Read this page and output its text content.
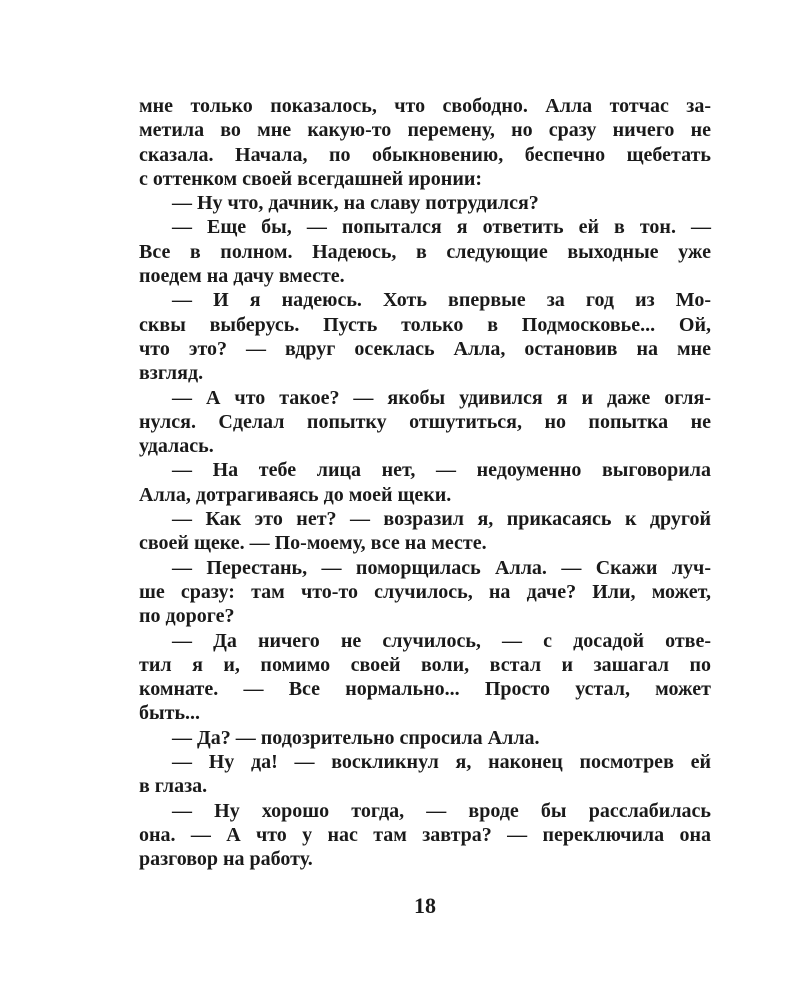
мне только показалось, что свободно. Алла тотчас за-
метила во мне какую-то перемену, но сразу ничего не
сказала. Начала, по обыкновению, беспечно щебетать
с оттенком своей всегдашней иронии:
— Ну что, дачник, на славу потрудился?
— Еще бы, — попытался я ответить ей в тон. —
Все в полном. Надеюсь, в следующие выходные уже
поедем на дачу вместе.
— И я надеюсь. Хоть впервые за год из Мо-
сквы выберусь. Пусть только в Подмосковье... Ой,
что это? — вдруг осеклась Алла, остановив на мне
взгляд.
— А что такое? — якобы удивился я и даже огля-
нулся. Сделал попытку отшутиться, но попытка не
удалась.
— На тебе лица нет, — недоуменно выговорила
Алла, дотрагиваясь до моей щеки.
— Как это нет? — возразил я, прикасаясь к другой
своей щеке. — По-моему, все на месте.
— Перестань, — поморщилась Алла. — Скажи луч-
ше сразу: там что-то случилось, на даче? Или, может,
по дороге?
— Да ничего не случилось, — с досадой отве-
тил я и, помимо своей воли, встал и зашагал по
комнате. — Все нормально... Просто устал, может
быть...
— Да? — подозрительно спросила Алла.
— Ну да! — воскликнул я, наконец посмотрев ей
в глаза.
— Ну хорошо тогда, — вроде бы расслабилась
она. — А что у нас там завтра? — переключила она
разговор на работу.
18
